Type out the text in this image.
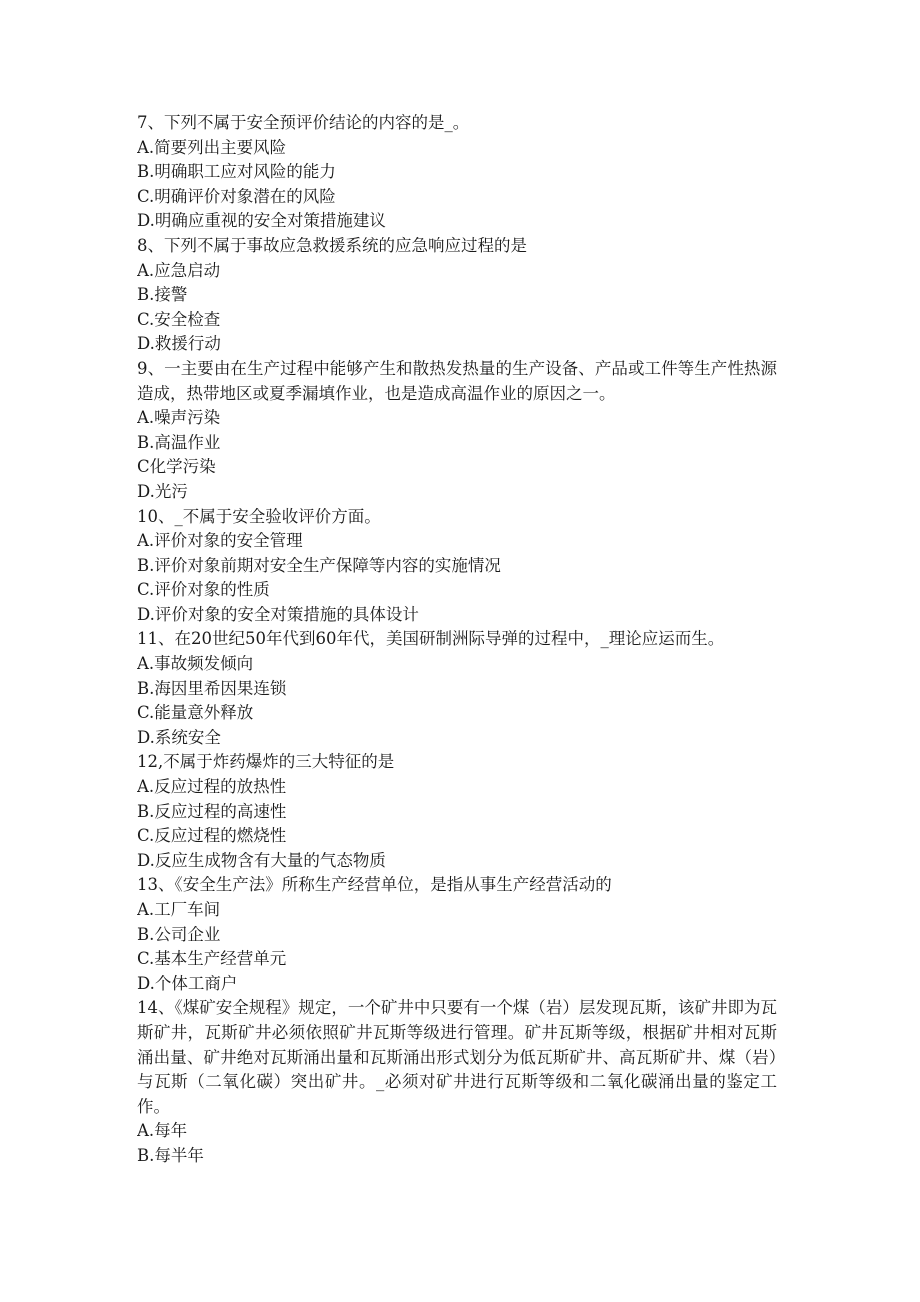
7、下列不属于安全预评价结论的内容的是_。
A.简要列出主要风险
B.明确职工应对风险的能力
C.明确评价对象潜在的风险
D.明确应重视的安全对策措施建议
8、下列不属于事故应急救援系统的应急响应过程的是
A.应急启动
B.接警
C.安全检查
D.救援行动
9、一主要由在生产过程中能够产生和散热发热量的生产设备、产品或工件等生产性热源造成，热带地区或夏季漏填作业，也是造成高温作业的原因之一。
A.噪声污染
B.高温作业
C化学污染
D.光污
10、_不属于安全验收评价方面。
A.评价对象的安全管理
B.评价对象前期对安全生产保障等内容的实施情况
C.评价对象的性质
D.评价对象的安全对策措施的具体设计
11、在20世纪50年代到60年代，美国研制洲际导弹的过程中，_理论应运而生。
A.事故频发倾向
B.海因里希因果连锁
C.能量意外释放
D.系统安全
12,不属于炸药爆炸的三大特征的是
A.反应过程的放热性
B.反应过程的高速性
C.反应过程的燃烧性
D.反应生成物含有大量的气态物质
13、《安全生产法》所称生产经营单位，是指从事生产经营活动的
A.工厂车间
B.公司企业
C.基本生产经营单元
D.个体工商户
14、《煤矿安全规程》规定，一个矿井中只要有一个煤（岩）层发现瓦斯，该矿井即为瓦斯矿井，瓦斯矿井必须依照矿井瓦斯等级进行管理。矿井瓦斯等级，根据矿井相对瓦斯涌出量、矿井绝对瓦斯涌出量和瓦斯涌出形式划分为低瓦斯矿井、高瓦斯矿井、煤（岩）与瓦斯（二氧化碳）突出矿井。_必须对矿井进行瓦斯等级和二氧化碳涌出量的鉴定工作。
A.每年
B.每半年
